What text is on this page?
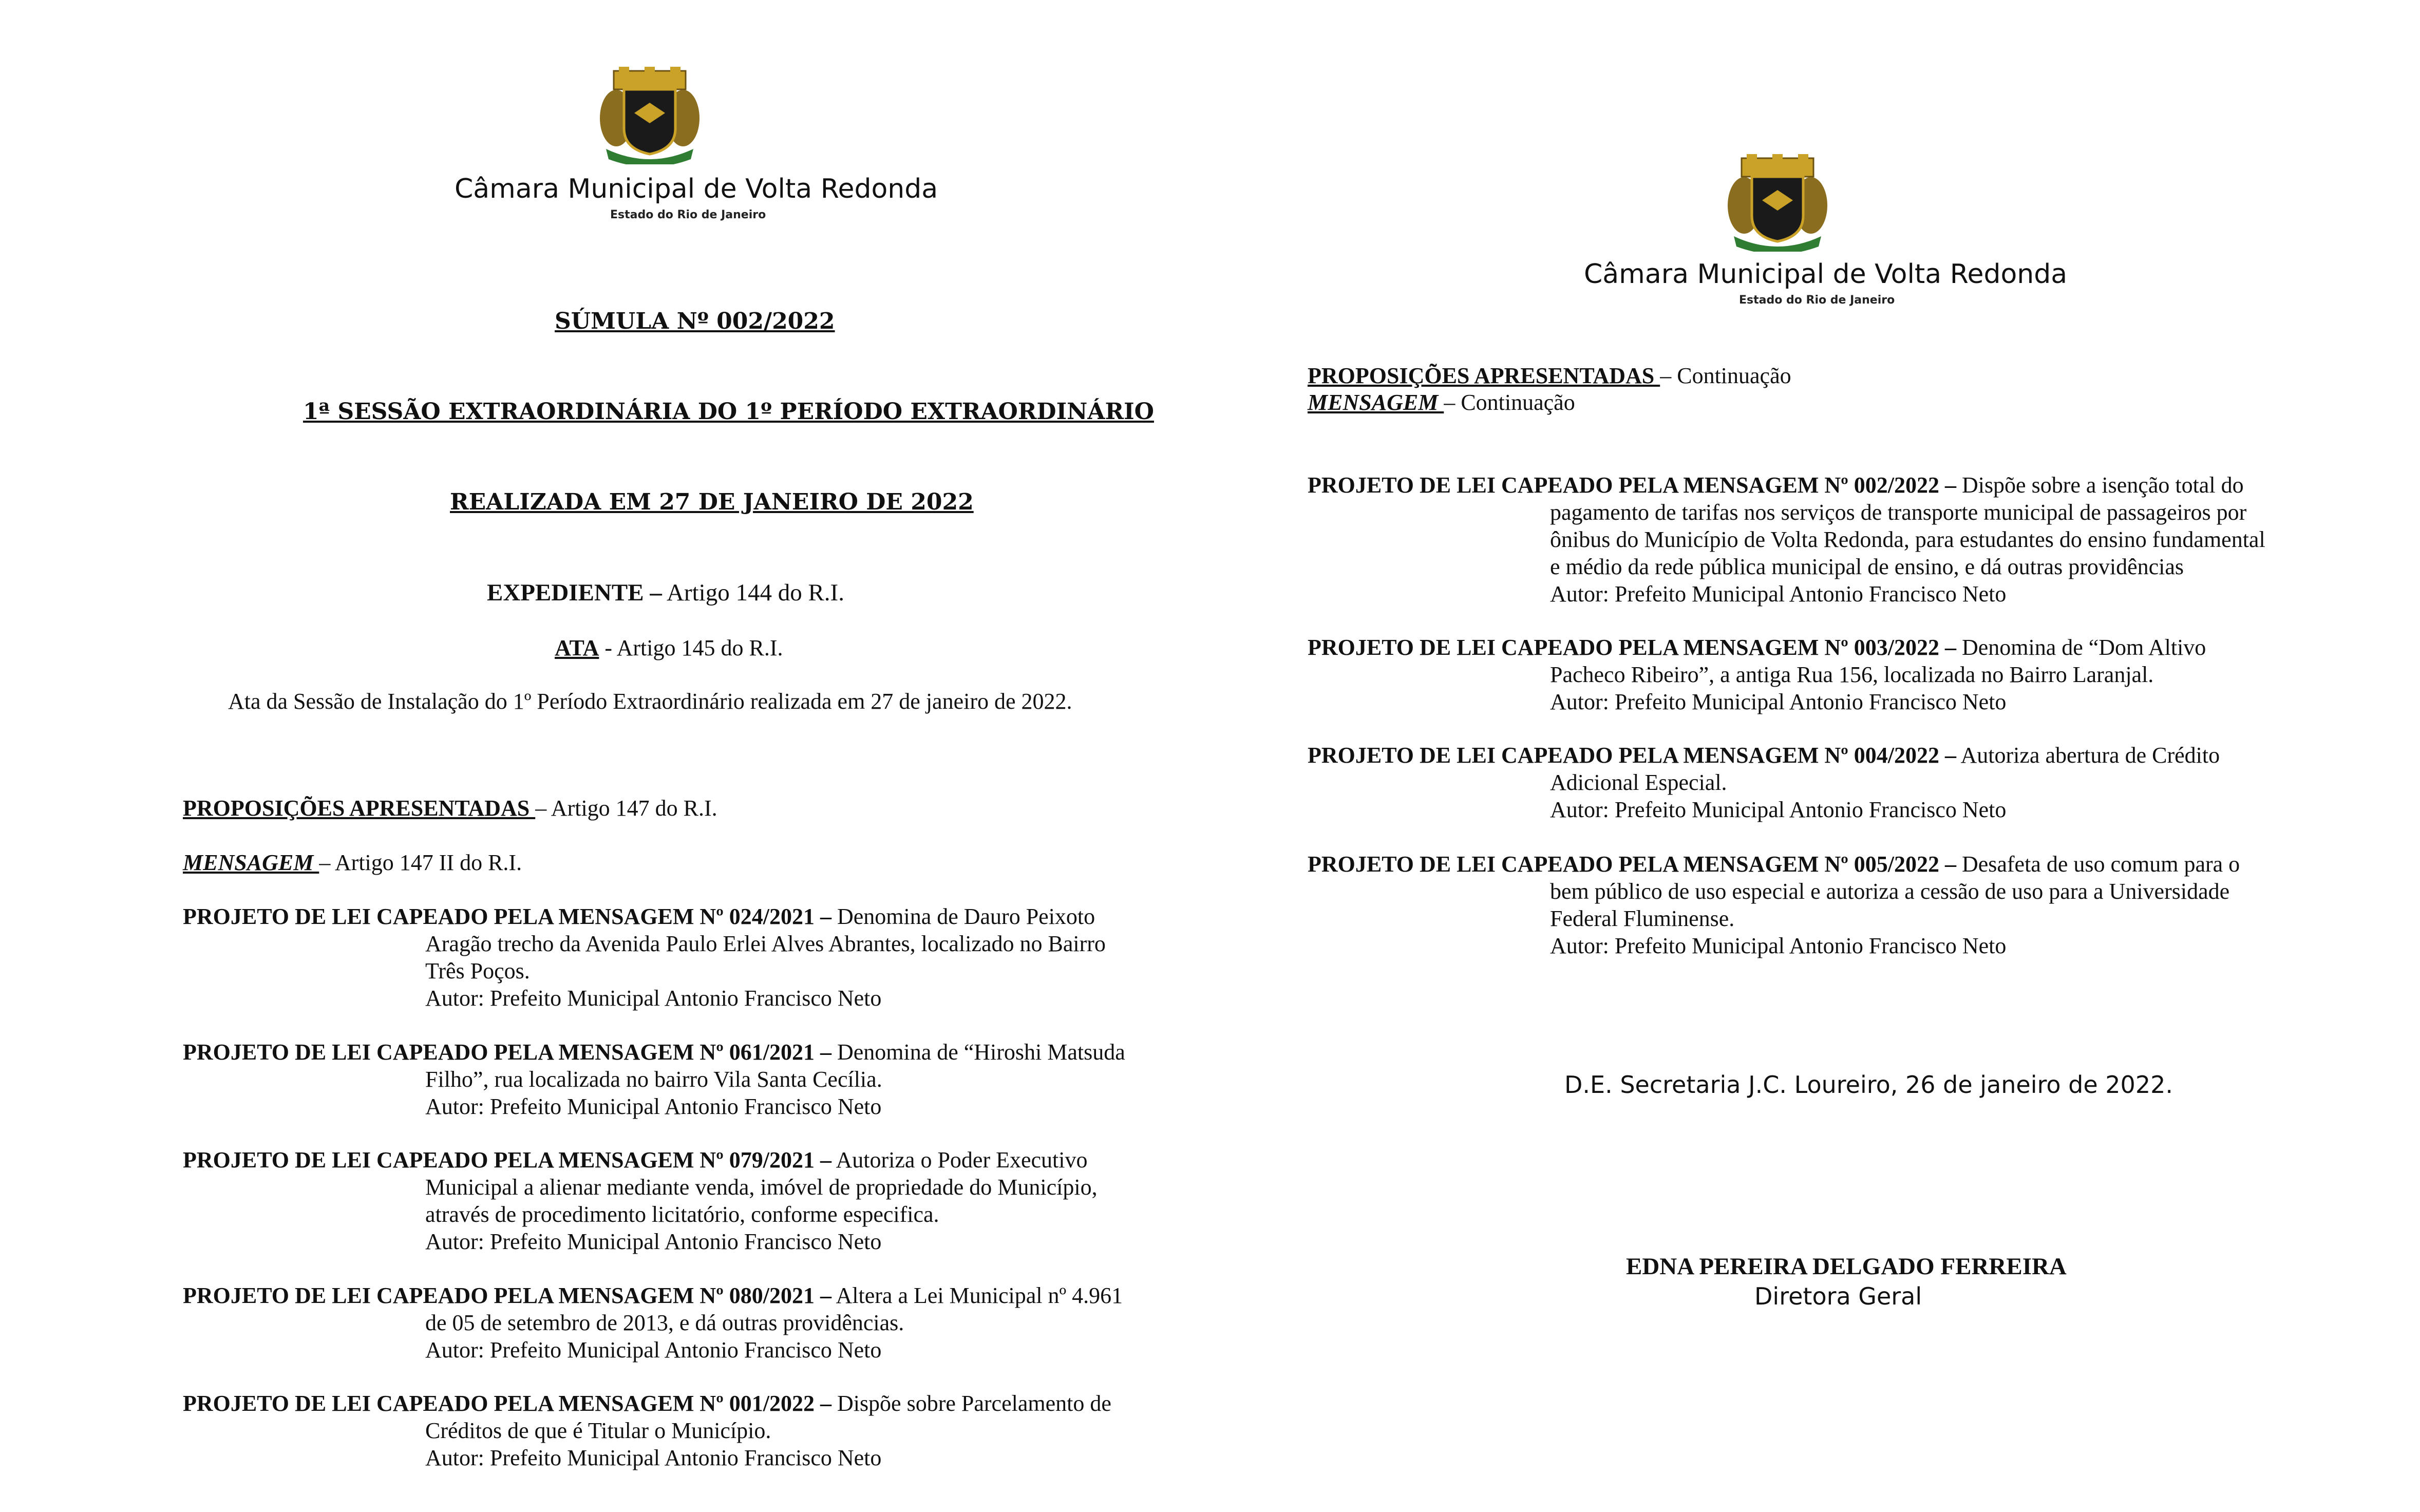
Câmara Municipal de Volta Redonda
Estado do Rio de Janeiro
SÚMULA Nº 002/2022
1ª SESSÃO EXTRAORDINÁRIA DO 1º PERÍODO EXTRAORDINÁRIO
REALIZADA EM 27 DE JANEIRO DE 2022
EXPEDIENTE – Artigo 144 do R.I.
ATA - Artigo 145 do R.I.
Ata da Sessão de Instalação do 1º Período Extraordinário realizada em 27 de janeiro de 2022.
PROPOSIÇÕES APRESENTADAS – Artigo 147 do R.I.
MENSAGEM – Artigo 147 II do R.I.
PROJETO DE LEI CAPEADO PELA MENSAGEM Nº 024/2021 – Denomina de Dauro Peixoto
Aragão trecho da Avenida Paulo Erlei Alves Abrantes, localizado no Bairro
Três Poços.
Autor: Prefeito Municipal Antonio Francisco Neto
PROJETO DE LEI CAPEADO PELA MENSAGEM Nº 061/2021 – Denomina de “Hiroshi Matsuda
Filho”, rua localizada no bairro Vila Santa Cecília.
Autor: Prefeito Municipal Antonio Francisco Neto
PROJETO DE LEI CAPEADO PELA MENSAGEM Nº 079/2021 – Autoriza o Poder Executivo
Municipal a alienar mediante venda, imóvel de propriedade do Município,
através de procedimento licitatório, conforme especifica.
Autor: Prefeito Municipal Antonio Francisco Neto
PROJETO DE LEI CAPEADO PELA MENSAGEM Nº 080/2021 – Altera a Lei Municipal nº 4.961
de 05 de setembro de 2013, e dá outras providências.
Autor: Prefeito Municipal Antonio Francisco Neto
PROJETO DE LEI CAPEADO PELA MENSAGEM Nº 001/2022 – Dispõe sobre Parcelamento de
Créditos de que é Titular o Município.
Autor: Prefeito Municipal Antonio Francisco Neto
Câmara Municipal de Volta Redonda
Estado do Rio de Janeiro
PROPOSIÇÕES APRESENTADAS – Continuação
MENSAGEM – Continuação
PROJETO DE LEI CAPEADO PELA MENSAGEM Nº 002/2022 – Dispõe sobre a isenção total do
pagamento de tarifas nos serviços de transporte municipal de passageiros por
ônibus do Município de Volta Redonda, para estudantes do ensino fundamental
e médio da rede pública municipal de ensino, e dá outras providências
Autor: Prefeito Municipal Antonio Francisco Neto
PROJETO DE LEI CAPEADO PELA MENSAGEM Nº 003/2022 – Denomina de “Dom Altivo
Pacheco Ribeiro”, a antiga Rua 156, localizada no Bairro Laranjal.
Autor: Prefeito Municipal Antonio Francisco Neto
PROJETO DE LEI CAPEADO PELA MENSAGEM Nº 004/2022 – Autoriza abertura de Crédito
Adicional Especial.
Autor: Prefeito Municipal Antonio Francisco Neto
PROJETO DE LEI CAPEADO PELA MENSAGEM Nº 005/2022 – Desafeta de uso comum para o
bem público de uso especial e autoriza a cessão de uso para a Universidade
Federal Fluminense.
Autor: Prefeito Municipal Antonio Francisco Neto
D.E. Secretaria J.C. Loureiro, 26 de janeiro de 2022.
EDNA PEREIRA DELGADO FERREIRA
Diretora Geral
